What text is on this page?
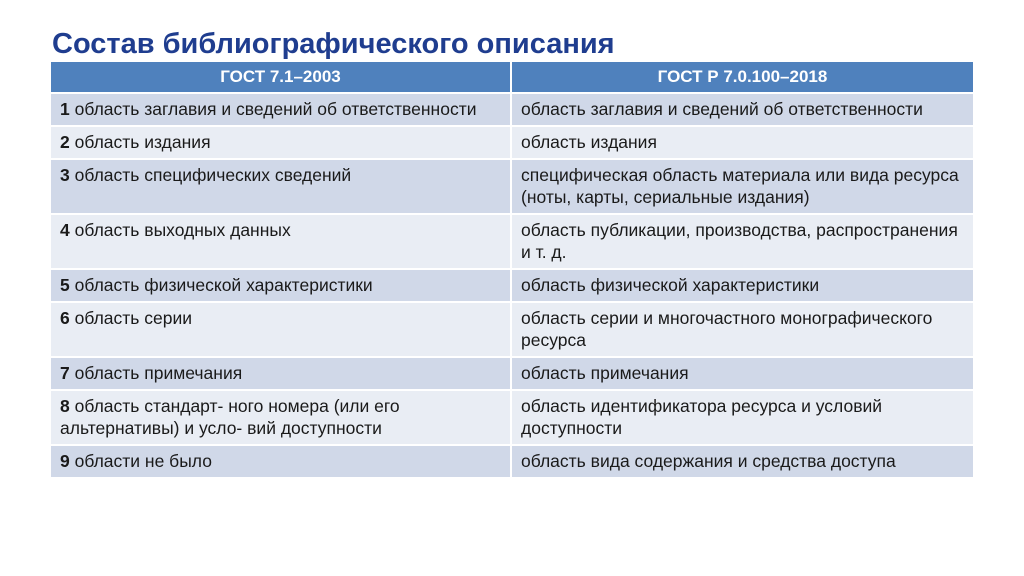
Состав библиографического описания
ГОСТ 7.1–2003	ГОСТ Р 7.0.100–2018
1 область заглавия и сведений об ответственности	область заглавия и сведений об ответственности
2 область издания	область издания
3 область специфических сведений	специфическая область материала или вида ресурса (ноты, карты, сериальные издания)
4 область выходных данных	область публикации, производства, распространения и т. д.
5 область физической характеристики	область физической характеристики
6 область серии	область серии и многочастного монографического ресурса
7 область примечания	область примечания
8 область стандарт- ного номера (или его альтернативы) и усло- вий доступности	область идентификатора ресурса и условий доступности
9 области не было	область вида содержания и средства доступа
